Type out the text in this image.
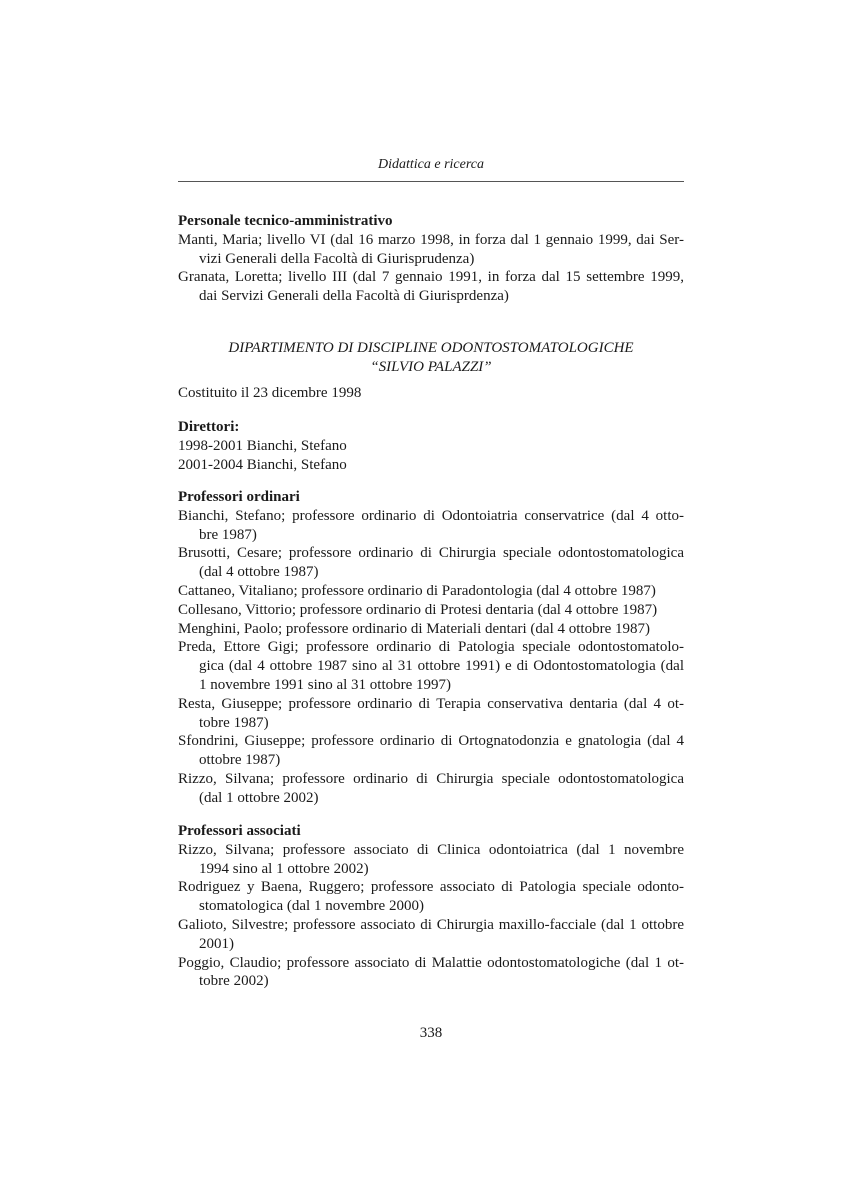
Didattica e ricerca
Personale tecnico-amministrativo
Manti, Maria; livello VI (dal 16 marzo 1998, in forza dal 1 gennaio 1999, dai Ser-
vizi Generali della Facoltà di Giurisprudenza)
Granata, Loretta; livello III (dal 7 gennaio 1991, in forza dal 15 settembre 1999,
dai Servizi Generali della Facoltà di Giurisprdenza)
DIPARTIMENTO DI DISCIPLINE ODONTOSTOMATOLOGICHE
“SILVIO PALAZZI”
Costituito il 23 dicembre 1998
Direttori:
1998-2001 Bianchi, Stefano
2001-2004 Bianchi, Stefano
Professori ordinari
Bianchi, Stefano; professore ordinario di Odontoiatria conservatrice (dal 4 otto-
bre 1987)
Brusotti, Cesare; professore ordinario di Chirurgia speciale odontostomatologica
(dal 4 ottobre 1987)
Cattaneo, Vitaliano; professore ordinario di Paradontologia (dal 4 ottobre 1987)
Collesano, Vittorio; professore ordinario di Protesi dentaria (dal 4 ottobre 1987)
Menghini, Paolo; professore ordinario di Materiali dentari (dal 4 ottobre 1987)
Preda, Ettore Gigi; professore ordinario di Patologia speciale odontostomatolo-
gica (dal 4 ottobre 1987 sino al 31 ottobre 1991) e di Odontostomatologia (dal
1 novembre 1991 sino al 31 ottobre 1997)
Resta, Giuseppe; professore ordinario di Terapia conservativa dentaria (dal 4 ot-
tobre 1987)
Sfondrini, Giuseppe; professore ordinario di Ortognatodonzia e gnatologia (dal 4
ottobre 1987)
Rizzo, Silvana; professore ordinario di Chirurgia speciale odontostomatologica
(dal 1 ottobre 2002)
Professori associati
Rizzo, Silvana; professore associato di Clinica odontoiatrica (dal 1 novembre
1994 sino al 1 ottobre 2002)
Rodriguez y Baena, Ruggero; professore associato di Patologia speciale odonto-
stomatologica (dal 1 novembre 2000)
Galioto, Silvestre; professore associato di Chirurgia maxillo-facciale (dal 1 ottobre
2001)
Poggio, Claudio; professore associato di Malattie odontostomatologiche (dal 1 ot-
tobre 2002)
338
